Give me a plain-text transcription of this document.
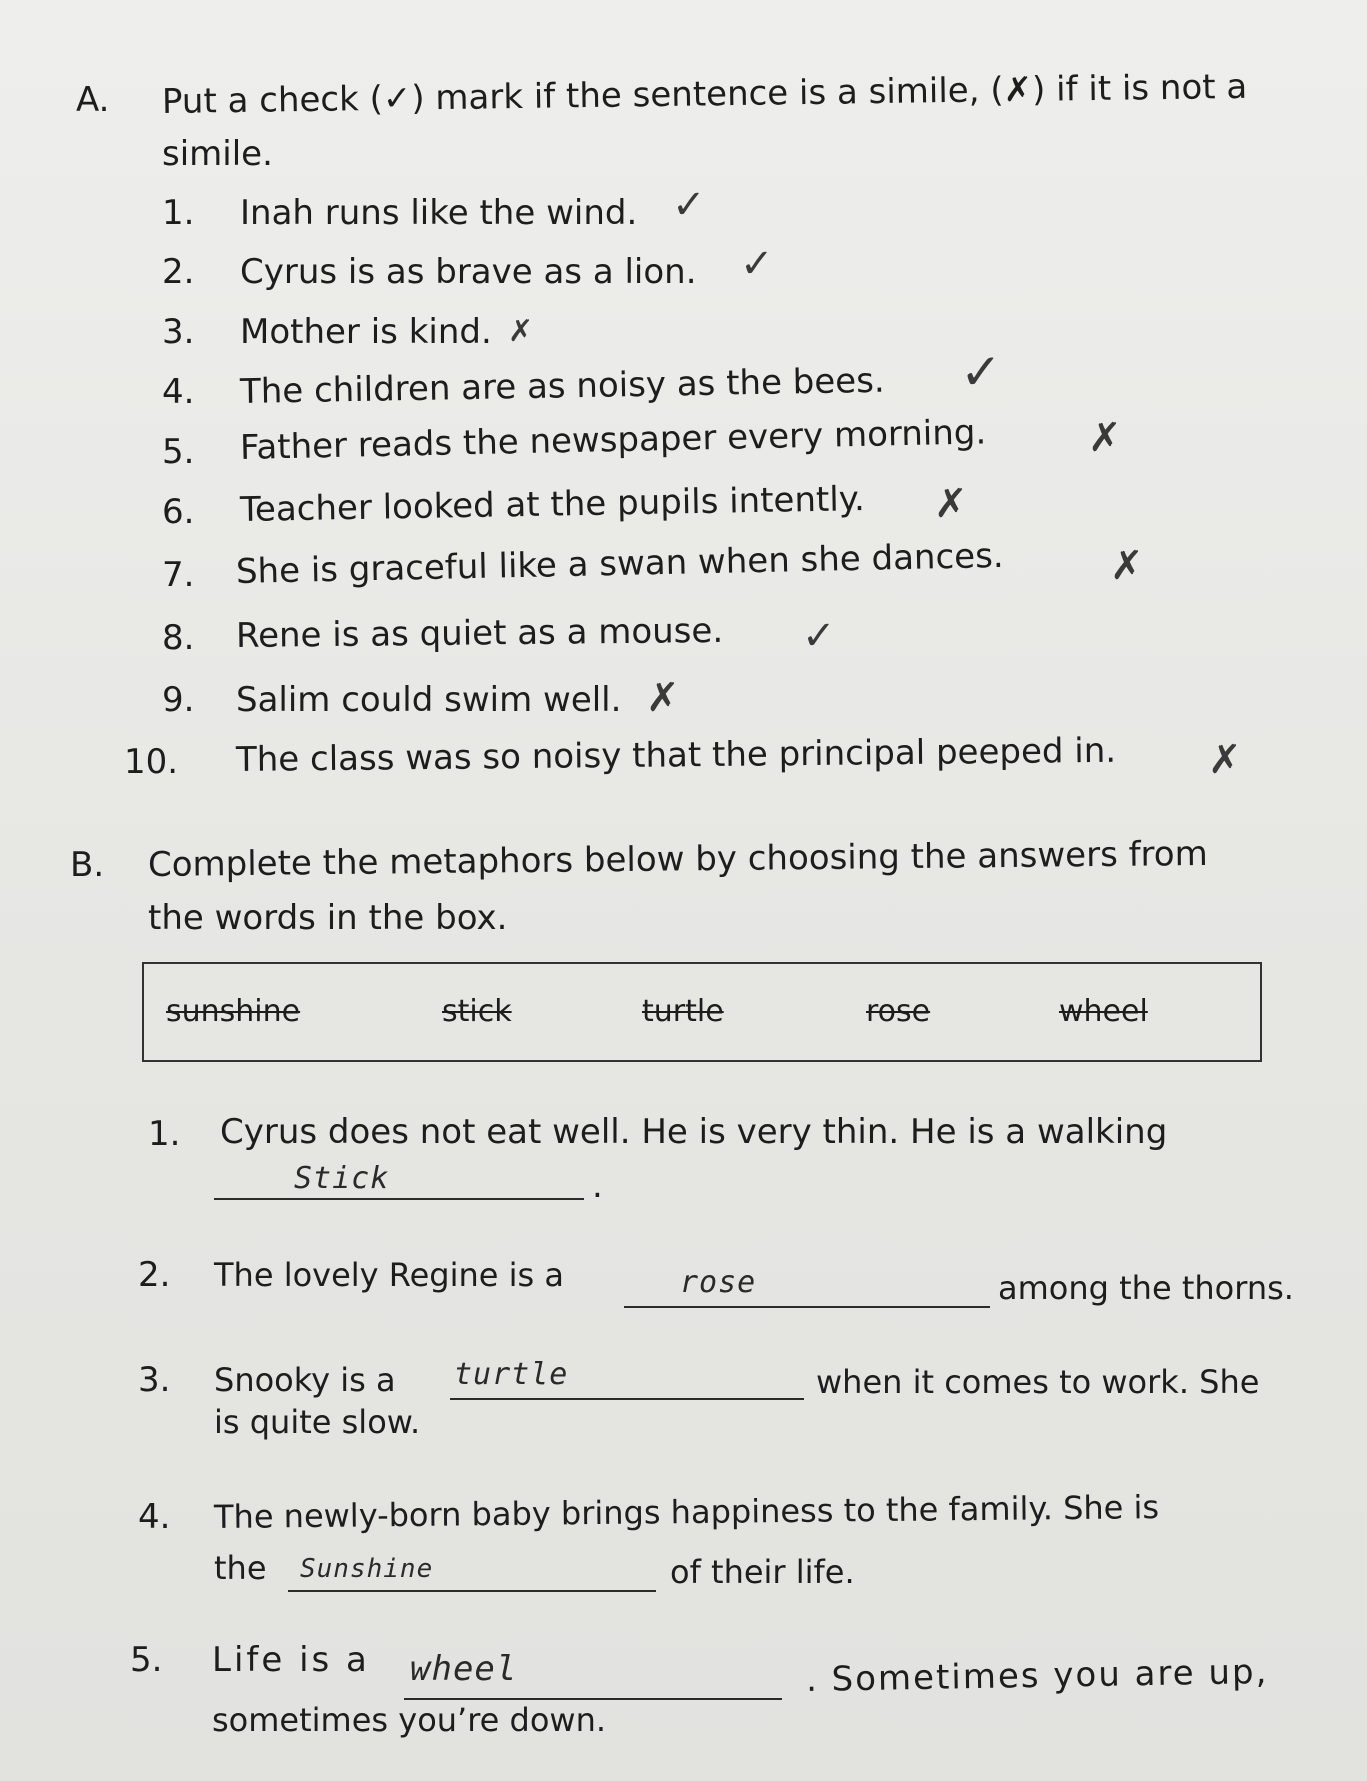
A. Put a check (✓) mark if the sentence is a simile, (✗) if it is not a
simile.
1. Inah runs like the wind. ✓
2. Cyrus is as brave as a lion. ✓
3. Mother is kind. ✗
4. The children are as noisy as the bees. ✓
5. Father reads the newspaper every morning.	✗
6. Teacher looked at the pupils intently. ✗
7. She is graceful like a swan when she dances.	✗
8. Rene is as quiet as a mouse. ✓
9. Salim could swim well. ✗
10. The class was so noisy that the principal peeped in. ✗
B. Complete the metaphors below by choosing the answers from
the words in the box.
sunshine	stick	turtle	rose	wheel
1. Cyrus does not eat well. He is very thin. He is a walking
Stick	.
2. The lovely Regine is a	rose	among the thorns.
3. Snooky is a turtle	when it comes to work. She
is quite slow.
4. The newly-born baby brings happiness to the family. She is
the Sunshine	of their life.
5. Life is a wheel	. Sometimes you are up,
sometimes you’re down.
